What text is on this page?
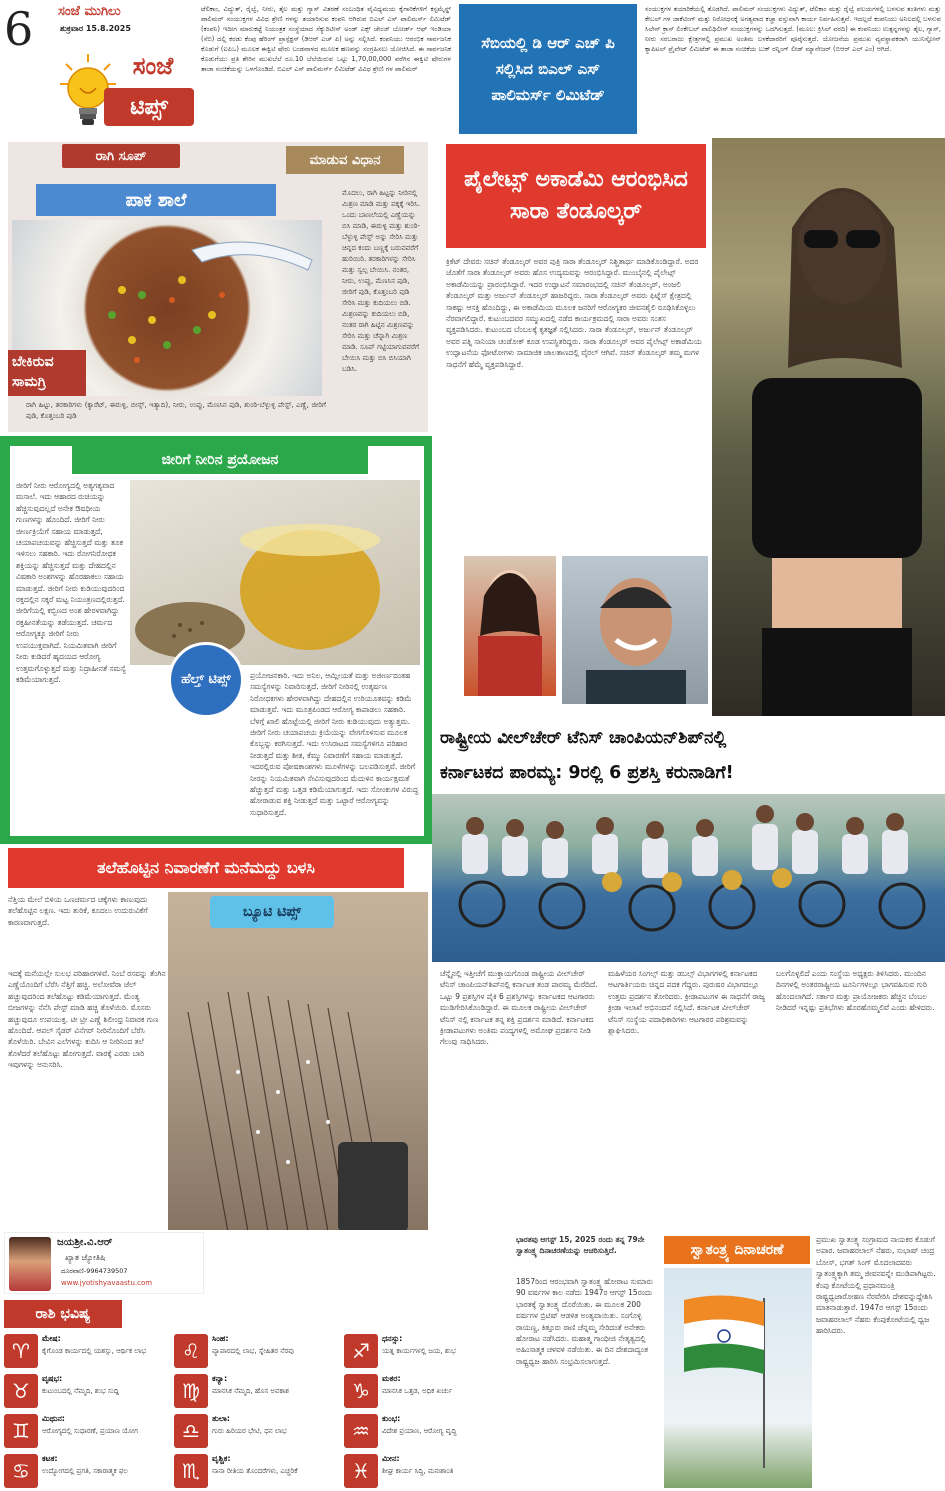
6	ಸಂಜೆ ಮುಗಿಲು
ಶುಕ್ರವಾರ 15.8.2025
ಸಂಜೆ
ಟಿಪ್ಸ್
ಟೆಲಿಕಾಂ, ವಿದ್ಯುತ್, ರೈಲ್ವೆ, ನೀರು, ತೈಲ ಮತ್ತು ಗ್ಯಾಸ್ ವಿತರಣೆ ಸಂಬಂಧಿತ ವೈವಿಧ್ಯಮಯ ಕೈಗಾರಿಕೆಗಳಿಗೆ ಕಸ್ಟಮೈಸ್ಡ್ ಪಾಲಿಮರ್ ಸಂಯುಕ್ತಗಳ ವಿವಿಧ ಶ್ರೇಣಿ ಗಳನ್ನು ತಯಾರಿಸುವ ಕಂಪನಿ ಆಗಿರುವ ಬಿಎಲ್ ಎಸ್ ಪಾಲಿಮರ್ಸ್ ಲಿಮಿಟೆಡ್ (ಕಂಪನಿ) ಇದೀಗ ಮಾರುಕಟ್ಟೆ ನಿಯಂತ್ರಕ ಸಂಸ್ಥೆಯಾದ ಸೆಕ್ಯುರಿಟೀಸ್ ಅಂಡ್ ಎಕ್ಸ್ ಚೇಂಜ್ ಬೋರ್ಡ್ ಆಫ್ ಇಂಡಿಯಾ (ಸೆಬಿ) ದಲ್ಲಿ ಕರಡು ಕೆಂಪು ಹೆರಿಂಗ್ ಪ್ರಾಸ್ಪೆಕ್ಟಸ್ (ಡಿಆರ್ ಎಚ್ ಪಿ) ಅನ್ನು ಸಲ್ಲಿಸಿದೆ. ಕಂಪನಿಯು ಆರಂಭಿಕ ಸಾರ್ವಜನಿಕ ಕೊಡುಗೆ (ಐಪಿಒ) ಮೂಲಕ ಈಕ್ವಿಟಿ ಷೇರು ಬಂಡವಾಳದ ಮೂಲಕ ಹಣವನ್ನು ಸಂಗ್ರಹಿಸಲು ಯೋಜಿಸಿದೆ. ಈ ಸಾರ್ವಜನಿಕ ಕೊಡುಗೆಯು ಪ್ರತಿ ಶೇರಿನ ಮುಖಬೆಲೆ ರೂ.10 ಬೆಲೆಯಿರುವ ಒಟ್ಟು 1,70,00,000 ವರೆಗಿನ ಈಕ್ವಿಟಿ ಷೇರುಗಳ ತಾಜಾ ಸಂಚಿಕೆಯನ್ನು ಒಳಗೊಂಡಿದೆ. ಬಿಎಲ್ ಎಸ್ ಪಾಲಿಮರ್ಸ್ ಲಿಮಿಟೆಡ್ ವಿವಿಧ ಶ್ರೇಣಿ ಗಳ ಪಾಲಿಮರ್
ಸೆಬಿಯಲ್ಲಿ ಡಿ ಆರ್ ಎಚ್ ಪಿ ಸಲ್ಲಿಸಿದ ಬಿಎಲ್ ಎಸ್ ಪಾಲಿಮರ್ಸ್ ಲಿಮಿಟೆಡ್
ಸಂಯುಕ್ತಗಳ ತಯಾರಿಕೆಯಲ್ಲಿ ತೊಡಗಿದೆ. ಪಾಲಿಮರ್ ಸಂಯುಕ್ತಗಳು ವಿದ್ಯುತ್, ಟೆಲಿಕಾಂ ಮತ್ತು ರೈಲ್ವೆ ವಲಯಗಳಲ್ಲಿ ಬಳಸುವ ತಂತಿಗಳು ಮತ್ತು ಕೇಬಲ್ ಗಳ ಜಾಕೆಟಿಂಗ್ ಮತ್ತು ನಿರೋಧನಕ್ಕೆ ಅಗತ್ಯವಾದ ಕಚ್ಚಾ ವಸ್ತುವಾಗಿ ಕಾರ್ಯ ನಿರ್ವಹಿಸುತ್ತವೆ. ಇದಲ್ಲದೆ ಕಂಪನಿಯು ಅನಿಲದಲ್ಲಿ ಬಳಸುವ ಸಿಲೇನ್ ಕ್ರಾಸ್ ಲಿಂಕೇಬಲ್ ಪಾಲಿಥಿಲೀನ್ ಸಂಯುಕ್ತಗಳನ್ನು ಒದಗಿಸುತ್ತದೆ. (ಮೂಲ: ಕ್ರಿಸಿಲ್ ವರದಿ) ಈ ಕಂಪನಿಯು ಉತ್ಪನ್ನಗಳನ್ನು ತೈಲ, ಗ್ಯಾಸ್, ನೀರು ಸರಬರಾಜು ಕ್ಷೇತ್ರಗಳಲ್ಲಿ ಪ್ರಮುಖ ಅಂತಿಮ ಬಳಕೆದಾರರಿಗೆ ಪೂರೈಸುತ್ತದೆ. ಯೋಜನೆಯ ಪ್ರಮುಖ ವ್ಯವಸ್ಥಾಪಕರಾಗಿ ಯುನಿಸ್ಟೋನ್ ಕ್ಯಾಪಿಟಲ್ ಪ್ರೈವೇಟ್ ಲಿಮಿಟೆಡ್ ಈ ತಾಜಾ ಸಂಚಿಕೆಯ ಬುಕ್ ರನ್ನಿಂಗ್ ಲೀಡ್ ಮ್ಯಾನೇಜರ್ (ಬಿಆರ್ ಎಲ್ ಎಂ) ಆಗಿದೆ.
ರಾಗಿ ಸೂಪ್	ಮಾಡುವ ವಿಧಾನ
ಪಾಕ ಶಾಲೆ
ಬೇಕಿರುವ ಸಾಮಗ್ರಿ
ರಾಗಿ ಹಿಟ್ಟು, ತರಕಾರಿಗಳು (ಕ್ಯಾರೆಟ್, ಈರುಳ್ಳಿ, ಬೀನ್ಸ್, ಇತ್ಯಾದಿ), ನೀರು, ಉಪ್ಪು, ಮೆಣಸಿನ ಪುಡಿ, ಶುಂಠಿ-ಬೆಳ್ಳುಳ್ಳಿ ಪೇಸ್ಟ್, ಎಣ್ಣೆ, ಜೀರಿಗೆ ಪುಡಿ, ಕೊತ್ತಂಬರಿ ಪುಡಿ
ಮೊದಲು, ರಾಗಿ ಹಿಟ್ಟನ್ನು ನೀರಿನಲ್ಲಿ ಮಿಶ್ರಣ ಮಾಡಿ ಮತ್ತು ಪಕ್ಕಕ್ಕೆ ಇರಿಸಿ. ಒಂದು ಬಾಣಲೆಯಲ್ಲಿ ಎಣ್ಣೆಯನ್ನು ಬಿಸಿ ಮಾಡಿ, ಈರುಳ್ಳಿ ಮತ್ತು ಶುಂಠಿ-ಬೆಳ್ಳುಳ್ಳಿ ಪೇಸ್ಟ್ ಅನ್ನು ಸೇರಿಸಿ ಮತ್ತು ಚಿನ್ನದ ಕಂದು ಬಣ್ಣಕ್ಕೆ ಬರುವವರೆಗೆ ಹುರಿಯಿರಿ. ತರಕಾರಿಗಳನ್ನು ಸೇರಿಸಿ ಮತ್ತು ಸ್ವಲ್ಪ ಬೇಯಿಸಿ. ನಂತರ, ನೀರು, ಉಪ್ಪು, ಮೆಣಸಿನ ಪುಡಿ, ಜೀರಿಗೆ ಪುಡಿ, ಕೊತ್ತಂಬರಿ ಪುಡಿ ಸೇರಿಸಿ ಮತ್ತು ಕುದಿಯಲು ಬಿಡಿ. ಮಿಶ್ರಣವನ್ನು ಕುದಿಯಲು ಬಿಡಿ, ನಂತರ ರಾಗಿ ಹಿಟ್ಟಿನ ಮಿಶ್ರಣವನ್ನು ಸೇರಿಸಿ ಮತ್ತು ಚೆನ್ನಾಗಿ ಮಿಶ್ರಣ ಮಾಡಿ. ಸೂಪ್ ಗಟ್ಟಿಯಾಗುವವರೆಗೆ ಬೇಯಿಸಿ ಮತ್ತು ಬಿಸಿ ಬಿಸಿಯಾಗಿ ಬಡಿಸಿ.
ಜೀರಿಗೆ ನೀರಿನ ಪ್ರಯೋಜನ
ಜೀರಿಗೆ ನೀರು ಆರೋಗ್ಯದಲ್ಲಿ ಅತ್ಯಗತ್ಯವಾದ ಮಸಾಲೆ. ಇದು ಆಹಾರದ ರುಚಿಯನ್ನು ಹೆಚ್ಚಿಸುವುದಲ್ಲದೆ ಅನೇಕ ಔಷಧೀಯ ಗುಣಗಳನ್ನು ಹೊಂದಿದೆ. ಜೀರಿಗೆ ನೀರು ಜೀರ್ಣಕ್ರಿಯೆಗೆ ಸಹಾಯ ಮಾಡುತ್ತದೆ, ಚಯಾಪಚಯವನ್ನು ಹೆಚ್ಚಿಸುತ್ತದೆ ಮತ್ತು ತೂಕ ಇಳಿಸಲು ಸಹಕಾರಿ. ಇದು ರೋಗನಿರೋಧಕ ಶಕ್ತಿಯನ್ನು ಹೆಚ್ಚಿಸುತ್ತದೆ ಮತ್ತು ದೇಹದಲ್ಲಿನ ವಿಷಕಾರಿ ಅಂಶಗಳನ್ನು ಹೊರಹಾಕಲು ಸಹಾಯ ಮಾಡುತ್ತದೆ. ಜೀರಿಗೆ ನೀರು ಕುಡಿಯುವುದರಿಂದ ರಕ್ತದಲ್ಲಿನ ಸಕ್ಕರೆ ಮಟ್ಟ ನಿಯಂತ್ರಣದಲ್ಲಿರುತ್ತದೆ. ಜೀರಿಗೆಯಲ್ಲಿ ಕಬ್ಬಿಣದ ಅಂಶ ಹೇರಳವಾಗಿದ್ದು ರಕ್ತಹೀನತೆಯನ್ನು ತಡೆಯುತ್ತದೆ. ಚರ್ಮದ ಆರೋಗ್ಯಕ್ಕೂ ಜೀರಿಗೆ ನೀರು ಉಪಯುಕ್ತವಾಗಿದೆ. ನಿಯಮಿತವಾಗಿ ಜೀರಿಗೆ ನೀರು ಕುಡಿದರೆ ಹೃದಯದ ಆರೋಗ್ಯ ಉತ್ತಮಗೊಳ್ಳುತ್ತದೆ ಮತ್ತು ನಿದ್ರಾಹೀನತೆ ಸಮಸ್ಯೆ ಕಡಿಮೆಯಾಗುತ್ತದೆ.	ಹೆಲ್ತ್ ಟಿಪ್ಸ್	ಪ್ರಯೋಜನಕಾರಿ. ಇದು ಅನಿಲ, ಆಮ್ಲೀಯತೆ ಮತ್ತು ಅಜೀರ್ಣದಂತಹ ಸಮಸ್ಯೆಗಳನ್ನು ನಿವಾರಿಸುತ್ತದೆ. ಜೀರಿಗೆ ನೀರಿನಲ್ಲಿ ಉತ್ಕರ್ಷಣ ನಿರೋಧಕಗಳು ಹೇರಳವಾಗಿದ್ದು ದೇಹದಲ್ಲಿನ ಉರಿಯೂತವನ್ನು ಕಡಿಮೆ ಮಾಡುತ್ತವೆ. ಇದು ಮೂತ್ರಪಿಂಡದ ಆರೋಗ್ಯ ಕಾಪಾಡಲು ಸಹಕಾರಿ. ಬೆಳಗ್ಗೆ ಖಾಲಿ ಹೊಟ್ಟೆಯಲ್ಲಿ ಜೀರಿಗೆ ನೀರು ಕುಡಿಯುವುದು ಅತ್ಯುತ್ತಮ. ಜೀರಿಗೆ ನೀರು ಚಯಾಪಚಯ ಕ್ರಿಯೆಯನ್ನು ವೇಗಗೊಳಿಸುವ ಮೂಲಕ ಕೊಬ್ಬನ್ನು ಕರಗಿಸುತ್ತದೆ. ಇದು ಉಸಿರಾಟದ ಸಮಸ್ಯೆಗಳಿಗೂ ಪರಿಹಾರ ನೀಡುತ್ತದೆ ಮತ್ತು ಶೀತ, ಕೆಮ್ಮು ನಿವಾರಣೆಗೆ ಸಹಾಯ ಮಾಡುತ್ತದೆ. ಇದರಲ್ಲಿರುವ ಪೋಷಕಾಂಶಗಳು ಮೂಳೆಗಳನ್ನು ಬಲಪಡಿಸುತ್ತವೆ. ಜೀರಿಗೆ ನೀರನ್ನು ನಿಯಮಿತವಾಗಿ ಸೇವಿಸುವುದರಿಂದ ಮೆದುಳಿನ ಕಾರ್ಯಕ್ಷಮತೆ ಹೆಚ್ಚುತ್ತದೆ ಮತ್ತು ಒತ್ತಡ ಕಡಿಮೆಯಾಗುತ್ತದೆ. ಇದು ಸೋಂಕುಗಳ ವಿರುದ್ಧ ಹೋರಾಡುವ ಶಕ್ತಿ ನೀಡುತ್ತದೆ ಮತ್ತು ಒಟ್ಟಾರೆ ಆರೋಗ್ಯವನ್ನು ಸುಧಾರಿಸುತ್ತದೆ.
ಪೈಲೇಟ್ಸ್ ಅಕಾಡೆಮಿ ಆರಂಭಿಸಿದ ಸಾರಾ ತೆಂಡೂಲ್ಕರ್
ಕ್ರಿಕೆಟ್ ದೇವರು ಸಚಿನ್ ತೆಂಡೂಲ್ಕರ್ ಅವರ ಪುತ್ರಿ ಸಾರಾ ತೆಂಡೂಲ್ಕರ್ ನಿಶ್ಚಿತಾರ್ಥ ಮಾಡಿಕೊಂಡಿದ್ದಾರೆ. ಅದರ ಜೊತೆಗೆ ಸಾರಾ ತೆಂಡೂಲ್ಕರ್ ಅವರು ಹೊಸ ಉದ್ಯಮವನ್ನು ಆರಂಭಿಸಿದ್ದಾರೆ. ಮುಂಬೈನಲ್ಲಿ ಪೈಲೇಟ್ಸ್ ಅಕಾಡೆಮಿಯನ್ನು ಪ್ರಾರಂಭಿಸಿದ್ದಾರೆ. ಇದರ ಉದ್ಘಾಟನೆ ಸಮಾರಂಭದಲ್ಲಿ ಸಚಿನ್ ತೆಂಡೂಲ್ಕರ್, ಅಂಜಲಿ ತೆಂಡೂಲ್ಕರ್ ಮತ್ತು ಅರ್ಜುನ್ ತೆಂಡೂಲ್ಕರ್ ಹಾಜರಿದ್ದರು. ಸಾರಾ ತೆಂಡೂಲ್ಕರ್ ಅವರು ಫಿಟ್ನೆಸ್ ಕ್ಷೇತ್ರದಲ್ಲಿ ಸಾಕಷ್ಟು ಆಸಕ್ತಿ ಹೊಂದಿದ್ದು, ಈ ಅಕಾಡೆಮಿಯ ಮೂಲಕ ಜನರಿಗೆ ಆರೋಗ್ಯಕರ ಜೀವನಶೈಲಿ ರೂಢಿಸಿಕೊಳ್ಳಲು ನೆರವಾಗಲಿದ್ದಾರೆ. ಕುಟುಂಬದವರ ಸಮ್ಮುಖದಲ್ಲಿ ನಡೆದ ಕಾರ್ಯಕ್ರಮದಲ್ಲಿ ಸಾರಾ ಅವರು ಸಂತಸ ವ್ಯಕ್ತಪಡಿಸಿದರು. ಕುಟುಂಬದ ಬೆಂಬಲಕ್ಕೆ ಕೃತಜ್ಞತೆ ಸಲ್ಲಿಸಿದರು. ಸಾರಾ ತೆಂಡೂಲ್ಕರ್, ಅರ್ಜುನ್ ತೆಂಡೂಲ್ಕರ್ ಅವರ ಪತ್ನಿ ಸಾನಿಯಾ ಚಂಡೋಕ್ ಕೂಡ ಉಪಸ್ಥಿತರಿದ್ದರು. ಸಾರಾ ತೆಂಡೂಲ್ಕರ್ ಅವರ ಪೈಲೇಟ್ಸ್ ಅಕಾಡೆಮಿಯ ಉದ್ಘಾಟನೆಯ ಫೋಟೋಗಳು ಸಾಮಾಜಿಕ ಜಾಲತಾಣದಲ್ಲಿ ವೈರಲ್ ಆಗಿವೆ. ಸಚಿನ್ ತೆಂಡೂಲ್ಕರ್ ತಮ್ಮ ಮಗಳ ಸಾಧನೆಗೆ ಹೆಮ್ಮೆ ವ್ಯಕ್ತಪಡಿಸಿದ್ದಾರೆ.
ರಾಷ್ಟ್ರೀಯ ವೀಲ್‌ಚೇರ್ ಟೆನಿಸ್ ಚಾಂಪಿಯನ್‌ಶಿಪ್‌ನಲ್ಲಿ
ಕರ್ನಾಟಕದ ಪಾರಮ್ಯ: 9ರಲ್ಲಿ 6 ಪ್ರಶಸ್ತಿ ಕರುನಾಡಿಗೆ!
ಚೆನ್ನೈನಲ್ಲಿ ಇತ್ತೀಚೆಗೆ ಮುಕ್ತಾಯಗೊಂಡ ರಾಷ್ಟ್ರೀಯ ವೀಲ್‌ಚೇರ್ ಟೆನಿಸ್ ಚಾಂಪಿಯನ್‌ಶಿಪ್‌ನಲ್ಲಿ ಕರ್ನಾಟಕ ತಂಡ ಪಾರಮ್ಯ ಮೆರೆದಿದೆ. ಒಟ್ಟು 9 ಪ್ರಶಸ್ತಿಗಳ ಪೈಕಿ 6 ಪ್ರಶಸ್ತಿಗಳನ್ನು ಕರ್ನಾಟಕದ ಆಟಗಾರರು ಮುಡಿಗೇರಿಸಿಕೊಂಡಿದ್ದಾರೆ. ಈ ಮೂಲಕ ರಾಷ್ಟ್ರೀಯ ವೀಲ್‌ಚೇರ್ ಟೆನಿಸ್ ನಲ್ಲಿ ಕರ್ನಾಟಕ ತನ್ನ ಶಕ್ತಿ ಪ್ರದರ್ಶನ ಮಾಡಿದೆ. ಕರ್ನಾಟಕದ ಕ್ರೀಡಾಪಟುಗಳು ಅಂತಿಮ ಪಂದ್ಯಗಳಲ್ಲಿ ಅಮೋಘ ಪ್ರದರ್ಶನ ನೀಡಿ ಗೆಲುವು ಸಾಧಿಸಿದರು.
ಮಹಿಳೆಯರ ಸಿಂಗಲ್ಸ್ ಮತ್ತು ಡಬಲ್ಸ್ ವಿಭಾಗಗಳಲ್ಲಿ ಕರ್ನಾಟಕದ ಆಟಗಾರ್ತಿಯರು ಚಿನ್ನದ ಪದಕ ಗೆದ್ದರು. ಪುರುಷರ ವಿಭಾಗದಲ್ಲೂ ಉತ್ತಮ ಪ್ರದರ್ಶನ ತೋರಿದರು. ಕ್ರೀಡಾಪಟುಗಳ ಈ ಸಾಧನೆಗೆ ರಾಜ್ಯ ಕ್ರೀಡಾ ಇಲಾಖೆ ಅಭಿನಂದನೆ ಸಲ್ಲಿಸಿದೆ. ಕರ್ನಾಟಕ ವೀಲ್‌ಚೇರ್ ಟೆನಿಸ್ ಸಂಸ್ಥೆಯ ಪದಾಧಿಕಾರಿಗಳು ಆಟಗಾರರ ಪರಿಶ್ರಮವನ್ನು ಶ್ಲಾಘಿಸಿದರು.
ಬಲಗೊಳ್ಳಲಿದೆ ಎಂದು ಸಂಸ್ಥೆಯ ಅಧ್ಯಕ್ಷರು ತಿಳಿಸಿದರು. ಮುಂದಿನ ದಿನಗಳಲ್ಲಿ ಅಂತರರಾಷ್ಟ್ರೀಯ ಟೂರ್ನಿಗಳಲ್ಲೂ ಭಾಗವಹಿಸುವ ಗುರಿ ಹೊಂದಲಾಗಿದೆ. ಸರ್ಕಾರ ಮತ್ತು ಪ್ರಾಯೋಜಕರು ಹೆಚ್ಚಿನ ಬೆಂಬಲ ನೀಡಿದರೆ ಇನ್ನಷ್ಟು ಪ್ರತಿಭೆಗಳು ಹೊರಹೊಮ್ಮಲಿವೆ ಎಂದು ಹೇಳಿದರು.
ತಲೆಹೊಟ್ಟಿನ ನಿವಾರಣೆಗೆ ಮನೆಮದ್ದು ಬಳಸಿ
ನೆತ್ತಿಯ ಮೇಲೆ ಬಿಳಿಯ ಒಣಚರ್ಮದ ಚಕ್ಕೆಗಳು ಕಾಣುವುದು ತಲೆಹೊಟ್ಟಿನ ಲಕ್ಷಣ. ಇದು ತುರಿಕೆ, ಕೂದಲು ಉದುರುವಿಕೆಗೆ ಕಾರಣವಾಗುತ್ತದೆ.
ಬ್ಯೂಟಿ ಟಿಪ್ಸ್
ಇದಕ್ಕೆ ಮನೆಯಲ್ಲೇ ಸುಲಭ ಪರಿಹಾರಗಳಿವೆ. ನಿಂಬೆ ರಸವನ್ನು ತೆಂಗಿನ ಎಣ್ಣೆಯೊಂದಿಗೆ ಬೆರೆಸಿ ನೆತ್ತಿಗೆ ಹಚ್ಚಿ. ಅಲೋವೆರಾ ಜೆಲ್ ಹಚ್ಚುವುದರಿಂದ ತಲೆಹೊಟ್ಟು ಕಡಿಮೆಯಾಗುತ್ತದೆ. ಮೆಂತ್ಯ ಬೀಜಗಳನ್ನು ನೆನೆಸಿ ಪೇಸ್ಟ್ ಮಾಡಿ ಹಚ್ಚಿ ತೊಳೆಯಿರಿ. ಮೊಸರು ಹಚ್ಚುವುದೂ ಉಪಯುಕ್ತ. ಟೀ ಟ್ರೀ ಎಣ್ಣೆ ಶಿಲೀಂಧ್ರ ನಿವಾರಕ ಗುಣ ಹೊಂದಿದೆ. ಆಪಲ್ ಸೈಡರ್ ವಿನೆಗರ್ ನೀರಿನೊಂದಿಗೆ ಬೆರೆಸಿ ತೊಳೆಯಿರಿ. ಬೇವಿನ ಎಲೆಗಳನ್ನು ಕುದಿಸಿ ಆ ನೀರಿನಿಂದ ತಲೆ ತೊಳೆದರೆ ತಲೆಹೊಟ್ಟು ಹೋಗುತ್ತದೆ. ವಾರಕ್ಕೆ ಎರಡು ಬಾರಿ ಇವುಗಳನ್ನು ಅನುಸರಿಸಿ.
ಜಯಶ್ರೀ.ವಿ.ಆರ್
ಖ್ಯಾತ ಜ್ಯೋತಿಷಿ
ದೂರವಾಣಿ-9964739507
www.jyotishyavaastu.com
ರಾಶಿ ಭವಿಷ್ಯ
♈
ಮೇಷ:
ಕೈಗೊಂಡ ಕಾರ್ಯದಲ್ಲಿ ಯಶಸ್ಸು, ಆರ್ಥಿಕ ಲಾಭ
♉
ವೃಷಭ:
ಕುಟುಂಬದಲ್ಲಿ ನೆಮ್ಮದಿ, ಶುಭ ಸುದ್ದಿ
♊
ಮಿಥುನ:
ಆರೋಗ್ಯದಲ್ಲಿ ಸುಧಾರಣೆ, ಪ್ರಯಾಣ ಯೋಗ
♋
ಕಟಕ:
ಉದ್ಯೋಗದಲ್ಲಿ ಪ್ರಗತಿ, ಸಕಾರಾತ್ಮಕ ಫಲ
♌
ಸಿಂಹ:
ವ್ಯಾಪಾರದಲ್ಲಿ ಲಾಭ, ಸ್ನೇಹಿತರ ನೆರವು
♍
ಕನ್ಯಾ:
ಮಾನಸಿಕ ನೆಮ್ಮದಿ, ಹೊಸ ಅವಕಾಶ
♎
ತುಲಾ:
ಗುರು ಹಿರಿಯರ ಭೇಟಿ, ಧನ ಲಾಭ
♏
ವೃಶ್ಚಿಕ:
ನಾನಾ ರೀತಿಯ ತೊಂದರೆಗಳು, ಎಚ್ಚರಿಕೆ
♐
ಧನಸ್ಸು:
ಯತ್ನ ಕಾರ್ಯಗಳಲ್ಲಿ ಜಯ, ಶುಭ
♑
ಮಕರ:
ಮಾನಸಿಕ ಒತ್ತಡ, ಅಧಿಕ ಖರ್ಚು
♒
ಕುಂಭ:
ವಿದೇಶ ಪ್ರಯಾಣ, ಆರೋಗ್ಯ ವೃದ್ಧಿ
♓
ಮೀನ:
ಶೀಘ್ರ ಕಾರ್ಯ ಸಿದ್ಧಿ, ಮನಃಶಾಂತಿ
ಭಾರತವು ಆಗಸ್ಟ್ 15, 2025 ರಂದು ತನ್ನ 79ನೇ ಸ್ವಾತಂತ್ರ್ಯ ದಿನಾಚರಣೆಯನ್ನು ಆಚರಿಸುತ್ತಿದೆ.	ಸ್ವಾತಂತ್ರ್ಯ ದಿನಾಚರಣೆ
1857ರಿಂದ ಆರಂಭವಾಗಿ ಸ್ವಾತಂತ್ರ್ಯ ಹೋರಾಟ ಸುಮಾರು 90 ವರ್ಷಗಳ ಕಾಲ ನಡೆದು 1947ರ ಆಗಸ್ಟ್ 15ರಂದು ಭಾರತಕ್ಕೆ ಸ್ವಾತಂತ್ರ್ಯ ದೊರೆಯಿತು. ಈ ಮೂಲಕ 200 ವರ್ಷಗಳ ಬ್ರಿಟಿಷ್ ಆಡಳಿತ ಅಂತ್ಯವಾಯಿತು. ಸಂಗೊಳ್ಳಿ ರಾಯಣ್ಣ, ಕಿತ್ತೂರು ರಾಣಿ ಚೆನ್ನಮ್ಮ ಸೇರಿದಂತೆ ಅನೇಕರು ಹೋರಾಟ ನಡೆಸಿದರು. ಮಹಾತ್ಮ ಗಾಂಧೀಜಿ ನೇತೃತ್ವದಲ್ಲಿ ಅಹಿಂಸಾತ್ಮಕ ಚಳವಳಿ ನಡೆಯಿತು. ಈ ದಿನ ದೇಶದಾದ್ಯಂತ ರಾಷ್ಟ್ರಧ್ವಜ ಹಾರಿಸಿ ಸಂಭ್ರಮಿಸಲಾಗುತ್ತದೆ.
ಪ್ರಮುಖ ಸ್ವಾತಂತ್ರ್ಯ ಸಂಗ್ರಾಮದ ನಾಯಕರ ಕೊಡುಗೆ ಅಪಾರ. ಜವಾಹರಲಾಲ್ ನೆಹರು, ಸುಭಾಷ್ ಚಂದ್ರ ಬೋಸ್, ಭಗತ್ ಸಿಂಗ್ ಮೊದಲಾದವರು ಸ್ವಾತಂತ್ರ್ಯಕ್ಕಾಗಿ ತಮ್ಮ ಜೀವನವನ್ನೇ ಮುಡಿಪಾಗಿಟ್ಟರು. ಕೆಂಪು ಕೋಟೆಯಲ್ಲಿ ಪ್ರಧಾನಮಂತ್ರಿ ರಾಷ್ಟ್ರಧ್ವಜಾರೋಹಣ ನೆರವೇರಿಸಿ ದೇಶವನ್ನುದ್ದೇಶಿಸಿ ಮಾತನಾಡುತ್ತಾರೆ. 1947ರ ಆಗಸ್ಟ್ 15ರಂದು ಜವಾಹರಲಾಲ್ ನೆಹರು ಕೆಂಪುಕೋಟೆಯಲ್ಲಿ ಧ್ವಜ ಹಾರಿಸಿದರು.
